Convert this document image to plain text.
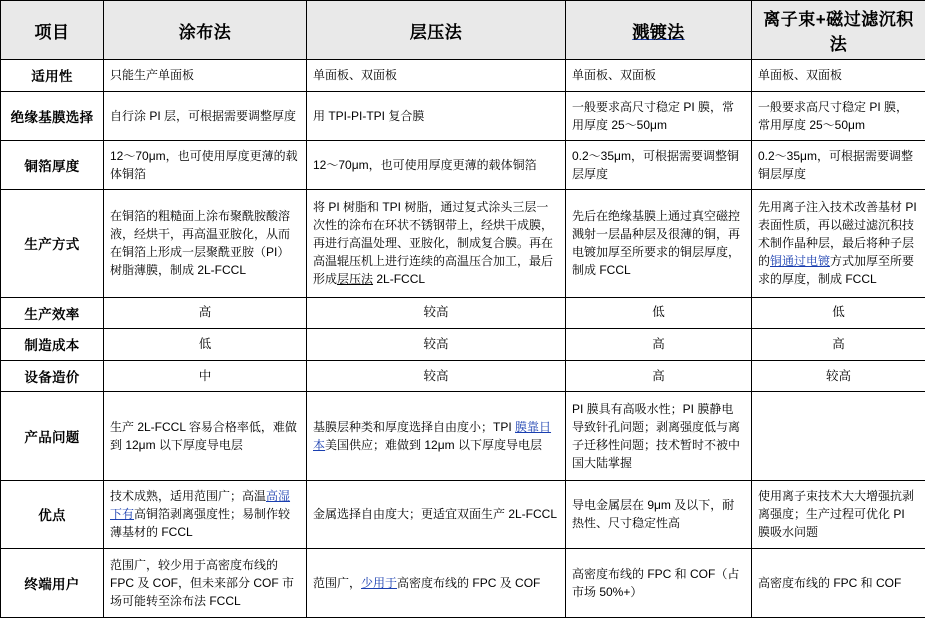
项目	涂布法	层压法	溅镀法	离子束+磁过滤沉积法
适用性	只能生产单面板	单面板、双面板	单面板、双面板	单面板、双面板
绝缘基膜选择	自行涂 PI 层，可根据需要调整厚度	用 TPI-PI-TPI 复合膜	一般要求高尺寸稳定 PI 膜，常用厚度 25～50μm	一般要求高尺寸稳定 PI 膜，常用厚度 25～50μm
铜箔厚度	12～70μm，也可使用厚度更薄的载体铜箔	12～70μm，也可使用厚度更薄的载体铜箔	0.2～35μm，可根据需要调整铜层厚度	0.2～35μm，可根据需要调整铜层厚度
生产方式	在铜箔的粗糙面上涂布聚酰胺酸溶液，经烘干，再高温亚胺化，从而在铜箔上形成一层聚酰亚胺（PI）树脂薄膜，制成 2L-FCCL	将 PI 树脂和 TPI 树脂，通过复式涂头三层一次性的涂布在环状不锈钢带上，经烘干成膜，再进行高温处理、亚胺化，制成复合膜。再在高温辊压机上进行连续的高温压合加工，最后形成层压法 2L-FCCL	先后在绝缘基膜上通过真空磁控溅射一层晶种层及很薄的铜，再电镀加厚至所要求的铜层厚度，制成 FCCL	先用离子注入技术改善基材 PI 表面性质，再以磁过滤沉积技术制作晶种层，最后将种子层的铜通过电镀方式加厚至所要求的厚度，制成 FCCL
生产效率	高	较高	低	低
制造成本	低	较高	高	高
设备造价	中	较高	高	较高
产品问题	生产 2L-FCCL 容易合格率低，难做到 12μm 以下厚度导电层	基膜层种类和厚度选择自由度小；TPI 膜靠日本美国供应；难做到 12μm 以下厚度导电层	PI 膜具有高吸水性；PI 膜静电导致针孔问题；剥离强度低与离子迁移性问题；技术暂时不被中国大陆掌握	
优点	技术成熟，适用范围广；高温高湿下有高铜箔剥离强度性；易制作较薄基材的 FCCL	金属选择自由度大；更适宜双面生产 2L-FCCL	导电金属层在 9μm 及以下，耐热性、尺寸稳定性高	使用离子束技术大大增强抗剥离强度；生产过程可优化 PI 膜吸水问题
终端用户	范围广，较少用于高密度布线的 FPC 及 COF，但未来部分 COF 市场可能转至涂布法 FCCL	范围广，少用于高密度布线的 FPC 及 COF	高密度布线的 FPC 和 COF（占市场 50%+）	高密度布线的 FPC 和 COF
